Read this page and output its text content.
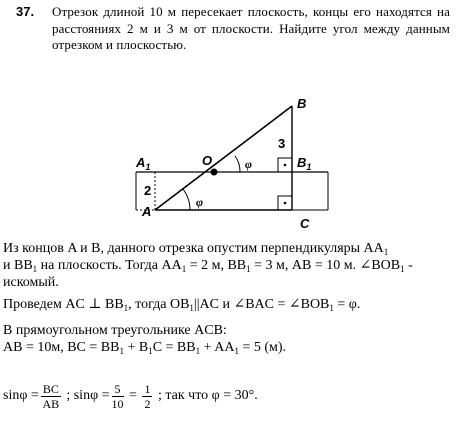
37. Отрезок длиной 10 м пересекает плоскость, концы его находятся на расстояниях 2 м и 3 м от плоскости. Найдите угол между данным отрезком и плоскостью.
B
$A_1$	O	$B_1$
A
C
2
3
φ
φ
Из концов A и B, данного отрезка опустим перпендикуляры $AA_1$
и $BB_1$ на плоскость. Тогда $AA_1 = 2$ м, $BB_1 = 3$ м, AB = 10 м. $\angle BOB_1$ -
искомый.
Проведем AC ⊥ $BB_1$, тогда $OB_1||AC$ и ∠BAC = $\angle BOB_1 = \varphi$.
В прямоугольном треугольнике ACB:
AB = 10м, BC = $BB_1 + B_1C = BB_1 + AA_1 = 5$ (м).
$\sin\varphi = \frac{BC}{AB}$ ; $\sin\varphi = \frac{5}{10} = \frac{1}{2}$ ; так что φ = 30°.
